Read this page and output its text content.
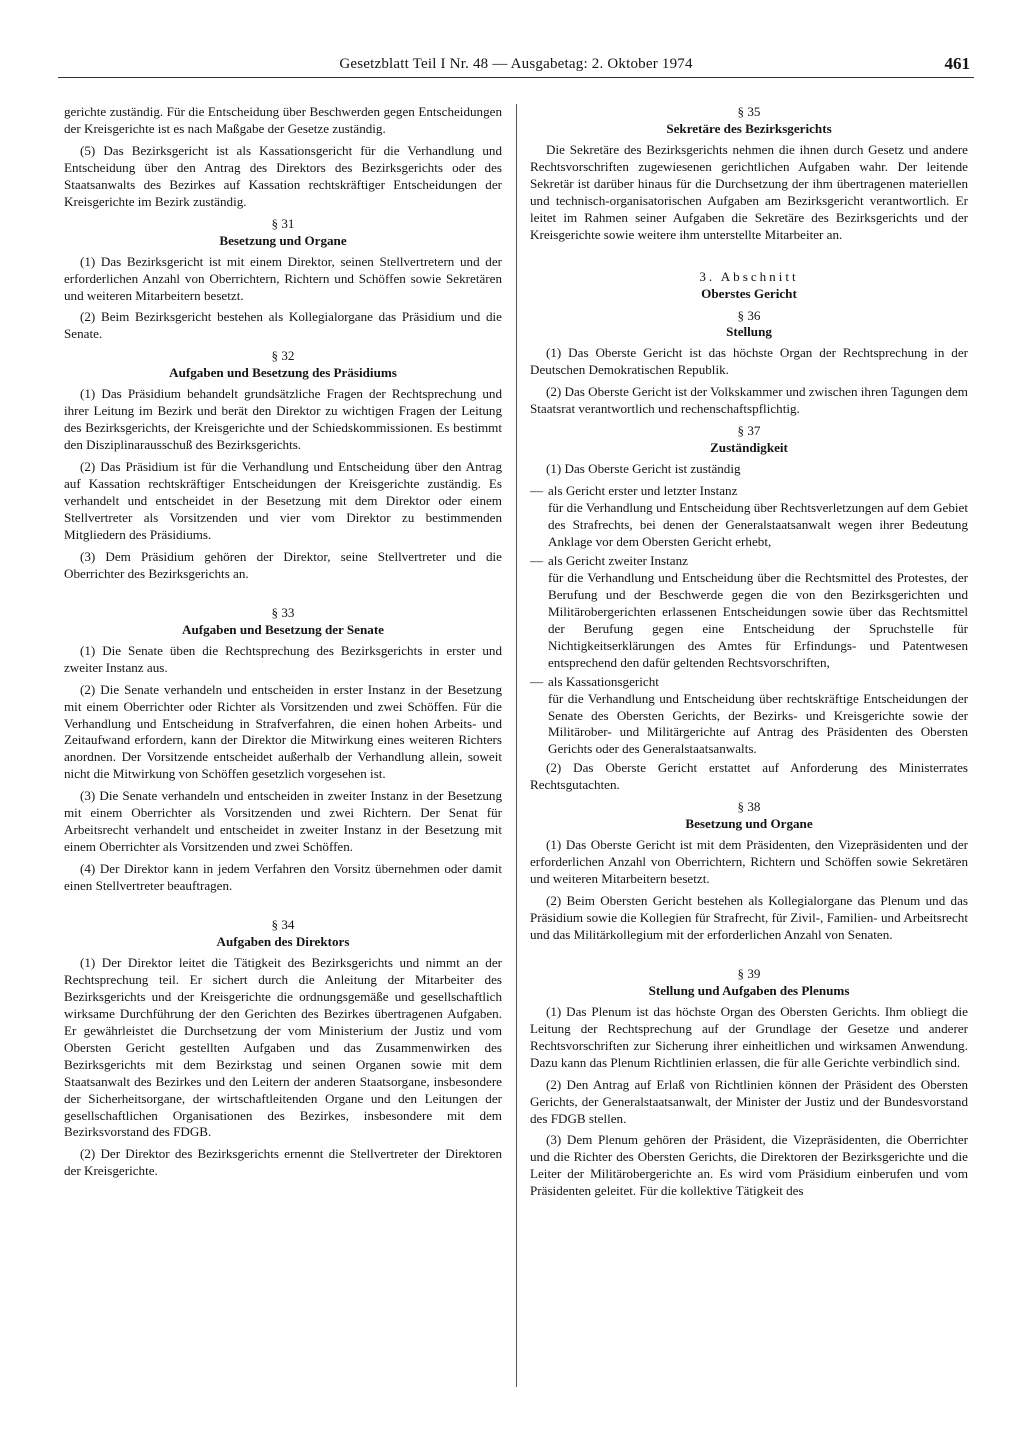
Gesetzblatt Teil I Nr. 48 — Ausgabetag: 2. Oktober 1974	461

gerichte zuständig. Für die Entscheidung über Beschwerden gegen Entscheidungen der Kreisgerichte ist es nach Maßgabe der Gesetze zuständig.

(5) Das Bezirksgericht ist als Kassationsgericht für die Verhandlung und Entscheidung über den Antrag des Direktors des Bezirksgerichts oder des Staatsanwalts des Bezirkes auf Kassation rechtskräftiger Entscheidungen der Kreisgerichte im Bezirk zuständig.

§ 31
Besetzung und Organe

(1) Das Bezirksgericht ist mit einem Direktor, seinen Stellvertretern und der erforderlichen Anzahl von Oberrichtern, Richtern und Schöffen sowie Sekretären und weiteren Mitarbeitern besetzt.

(2) Beim Bezirksgericht bestehen als Kollegialorgane das Präsidium und die Senate.

§ 32
Aufgaben und Besetzung des Präsidiums

(1) Das Präsidium behandelt grundsätzliche Fragen der Rechtsprechung und ihrer Leitung im Bezirk und berät den Direktor zu wichtigen Fragen der Leitung des Bezirksgerichts, der Kreisgerichte und der Schiedskommissionen. Es bestimmt den Disziplinarausschuß des Bezirksgerichts.

(2) Das Präsidium ist für die Verhandlung und Entscheidung über den Antrag auf Kassation rechtskräftiger Entscheidungen der Kreisgerichte zuständig. Es verhandelt und entscheidet in der Besetzung mit dem Direktor oder einem Stellvertreter als Vorsitzenden und vier vom Direktor zu bestimmenden Mitgliedern des Präsidiums.

(3) Dem Präsidium gehören der Direktor, seine Stellvertreter und die Oberrichter des Bezirksgerichts an.

§ 33
Aufgaben und Besetzung der Senate

(1) Die Senate üben die Rechtsprechung des Bezirksgerichts in erster und zweiter Instanz aus.

(2) Die Senate verhandeln und entscheiden in erster Instanz in der Besetzung mit einem Oberrichter oder Richter als Vorsitzenden und zwei Schöffen. Für die Verhandlung und Entscheidung in Strafverfahren, die einen hohen Arbeits- und Zeitaufwand erfordern, kann der Direktor die Mitwirkung eines weiteren Richters anordnen. Der Vorsitzende entscheidet außerhalb der Verhandlung allein, soweit nicht die Mitwirkung von Schöffen gesetzlich vorgesehen ist.

(3) Die Senate verhandeln und entscheiden in zweiter Instanz in der Besetzung mit einem Oberrichter als Vorsitzenden und zwei Richtern. Der Senat für Arbeitsrecht verhandelt und entscheidet in zweiter Instanz in der Besetzung mit einem Oberrichter als Vorsitzenden und zwei Schöffen.

(4) Der Direktor kann in jedem Verfahren den Vorsitz übernehmen oder damit einen Stellvertreter beauftragen.

§ 34
Aufgaben des Direktors

(1) Der Direktor leitet die Tätigkeit des Bezirksgerichts und nimmt an der Rechtsprechung teil. Er sichert durch die Anleitung der Mitarbeiter des Bezirksgerichts und der Kreisgerichte die ordnungsgemäße und gesellschaftlich wirksame Durchführung der den Gerichten des Bezirkes übertragenen Aufgaben. Er gewährleistet die Durchsetzung der vom Ministerium der Justiz und vom Obersten Gericht gestellten Aufgaben und das Zusammenwirken des Bezirksgerichts mit dem Bezirkstag und seinen Organen sowie mit dem Staatsanwalt des Bezirkes und den Leitern der anderen Staatsorgane, insbesondere der Sicherheitsorgane, der wirtschaftleitenden Organe und den Leitungen der gesellschaftlichen Organisationen des Bezirkes, insbesondere mit dem Bezirksvorstand des FDGB.

(2) Der Direktor des Bezirksgerichts ernennt die Stellvertreter der Direktoren der Kreisgerichte.

§ 35
Sekretäre des Bezirksgerichts

Die Sekretäre des Bezirksgerichts nehmen die ihnen durch Gesetz und andere Rechtsvorschriften zugewiesenen gerichtlichen Aufgaben wahr. Der leitende Sekretär ist darüber hinaus für die Durchsetzung der ihm übertragenen materiellen und technisch-organisatorischen Aufgaben am Bezirksgericht verantwortlich. Er leitet im Rahmen seiner Aufgaben die Sekretäre des Bezirksgerichts und der Kreisgerichte sowie weitere ihm unterstellte Mitarbeiter an.

3. Abschnitt
Oberstes Gericht
§ 36
Stellung

(1) Das Oberste Gericht ist das höchste Organ der Rechtsprechung in der Deutschen Demokratischen Republik.

(2) Das Oberste Gericht ist der Volkskammer und zwischen ihren Tagungen dem Staatsrat verantwortlich und rechenschaftspflichtig.

§ 37
Zuständigkeit

(1) Das Oberste Gericht ist zuständig

— als Gericht erster und letzter Instanz
für die Verhandlung und Entscheidung über Rechtsverletzungen auf dem Gebiet des Strafrechts, bei denen der Generalstaatsanwalt wegen ihrer Bedeutung Anklage vor dem Obersten Gericht erhebt,
— als Gericht zweiter Instanz
für die Verhandlung und Entscheidung über die Rechtsmittel des Protestes, der Berufung und der Beschwerde gegen die von den Bezirksgerichten und Militärobergerichten erlassenen Entscheidungen sowie über das Rechtsmittel der Berufung gegen eine Entscheidung der Spruchstelle für Nichtigkeitserklärungen des Amtes für Erfindungs- und Patentwesen entsprechend den dafür geltenden Rechtsvorschriften,
— als Kassationsgericht
für die Verhandlung und Entscheidung über rechtskräftige Entscheidungen der Senate des Obersten Gerichts, der Bezirks- und Kreisgerichte sowie der Militärober- und Militärgerichte auf Antrag des Präsidenten des Obersten Gerichts oder des Generalstaatsanwalts.

(2) Das Oberste Gericht erstattet auf Anforderung des Ministerrates Rechtsgutachten.

§ 38
Besetzung und Organe

(1) Das Oberste Gericht ist mit dem Präsidenten, den Vizepräsidenten und der erforderlichen Anzahl von Oberrichtern, Richtern und Schöffen sowie Sekretären und weiteren Mitarbeitern besetzt.

(2) Beim Obersten Gericht bestehen als Kollegialorgane das Plenum und das Präsidium sowie die Kollegien für Strafrecht, für Zivil-, Familien- und Arbeitsrecht und das Militärkollegium mit der erforderlichen Anzahl von Senaten.

§ 39
Stellung und Aufgaben des Plenums

(1) Das Plenum ist das höchste Organ des Obersten Gerichts. Ihm obliegt die Leitung der Rechtsprechung auf der Grundlage der Gesetze und anderer Rechtsvorschriften zur Sicherung ihrer einheitlichen und wirksamen Anwendung. Dazu kann das Plenum Richtlinien erlassen, die für alle Gerichte verbindlich sind.

(2) Den Antrag auf Erlaß von Richtlinien können der Präsident des Obersten Gerichts, der Generalstaatsanwalt, der Minister der Justiz und der Bundesvorstand des FDGB stellen.

(3) Dem Plenum gehören der Präsident, die Vizepräsidenten, die Oberrichter und die Richter des Obersten Gerichts, die Direktoren der Bezirksgerichte und die Leiter der Militärobergerichte an. Es wird vom Präsidium einberufen und vom Präsidenten geleitet. Für die kollektive Tätigkeit des
